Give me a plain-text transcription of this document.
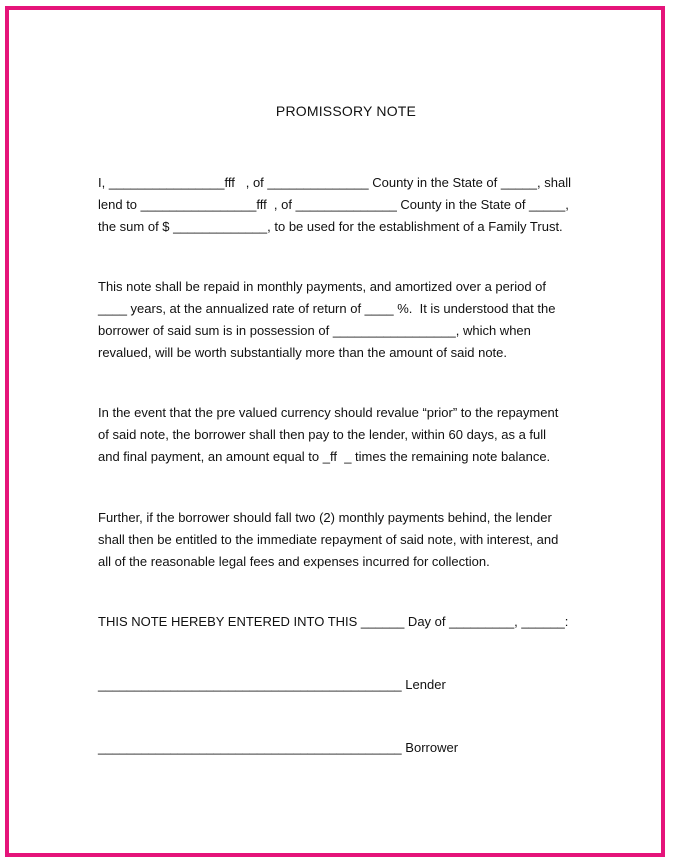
PROMISSORY NOTE

I, ________________fff   , of ______________ County in the State of _____, shall
lend to ________________fff  , of ______________ County in the State of _____,
the sum of $ _____________, to be used for the establishment of a Family Trust.

This note shall be repaid in monthly payments, and amortized over a period of
____ years, at the annualized rate of return of ____ %.  It is understood that the
borrower of said sum is in possession of _________________, which when
revalued, will be worth substantially more than the amount of said note.

In the event that the pre valued currency should revalue “prior” to the repayment
of said note, the borrower shall then pay to the lender, within 60 days, as a full
and final payment, an amount equal to _ff  _ times the remaining note balance.

Further, if the borrower should fall two (2) monthly payments behind, the lender
shall then be entitled to the immediate repayment of said note, with interest, and
all of the reasonable legal fees and expenses incurred for collection.

THIS NOTE HEREBY ENTERED INTO THIS ______ Day of _________, ______:

__________________________________________ Lender
__________________________________________ Borrower
